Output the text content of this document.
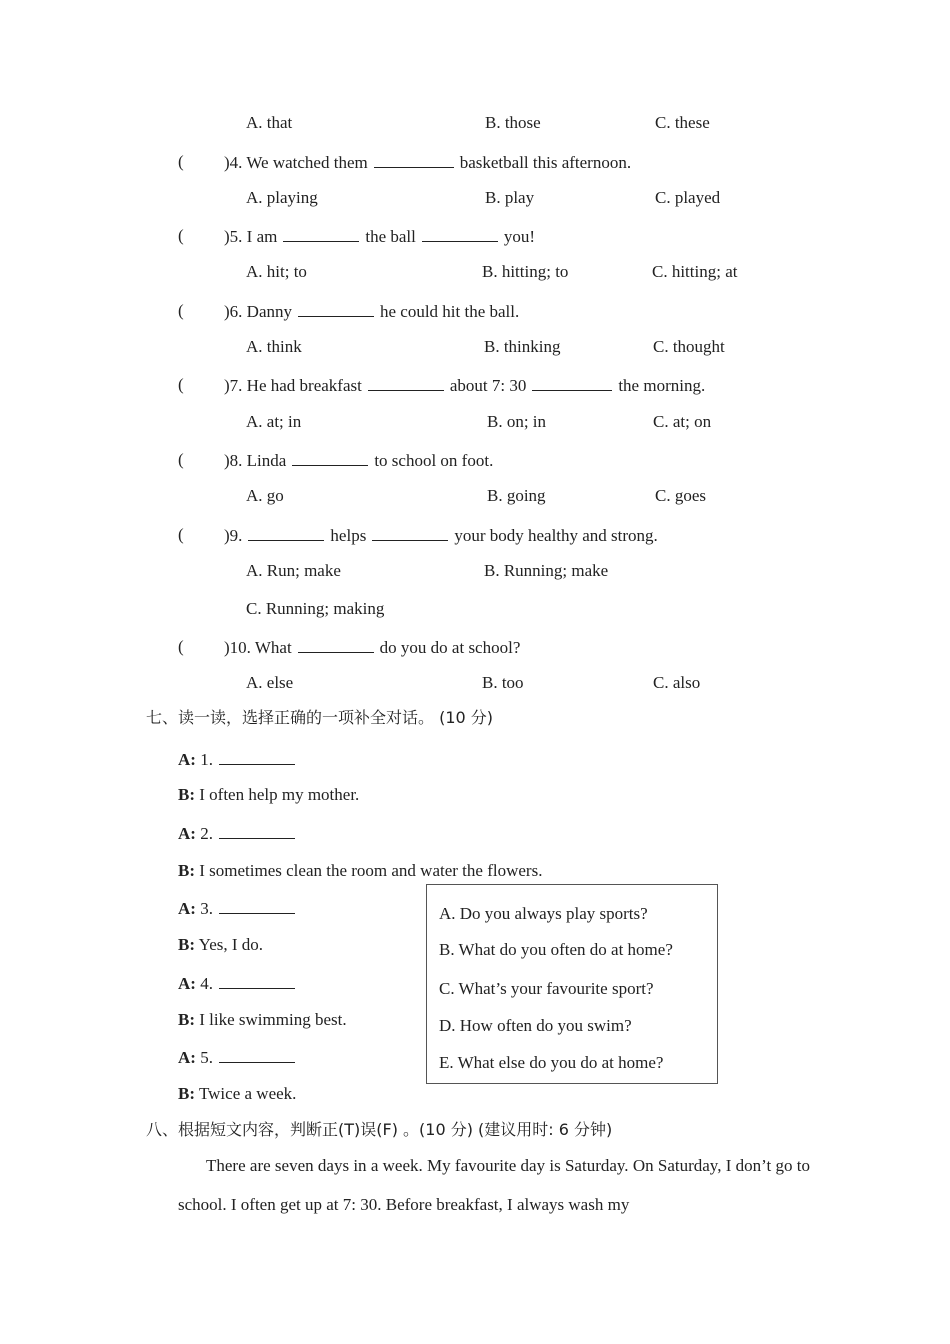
A. that	B. those	C. these
( )4. We watched them	basketball this afternoon.
A. playing	B. play	C. played
( )5. I am	the ball	you!
A. hit; to	B. hitting; to	C. hitting; at
( )6. Danny	he could hit the ball.
A. think	B. thinking	C. thought
( )7. He had breakfast	about 7: 30	the morning.
A. at; in	B. on; in	C. at; on
( )8. Linda	to school on foot.
A. go	B. going	C. goes
( )9.	helps	your body healthy and strong.
A. Run; make	B. Running; make
C. Running; making
( )10. What	do you do at school?
A. else	B. too	C. also
七、读一读，选择正确的一项补全对话。 (10 分)
A: 1.
B: I often help my mother.
A: 2.
B: I sometimes clean the room and water the flowers.
A: 3.
B: Yes, I do.
A: 4.
B: I like swimming best.
A: 5.
B: Twice a week.
A. Do you always play sports?
B. What do you often do at home?
C. What’s your favourite sport?
D. How often do you swim?
E. What else do you do at home?
八、根据短文内容，判断正(T)误(F) 。(10 分) (建议用时: 6 分钟)
There are seven days in a week. My favourite day is Saturday. On Saturday, I don’t go to school. I often get up at 7: 30. Before breakfast, I always wash my
